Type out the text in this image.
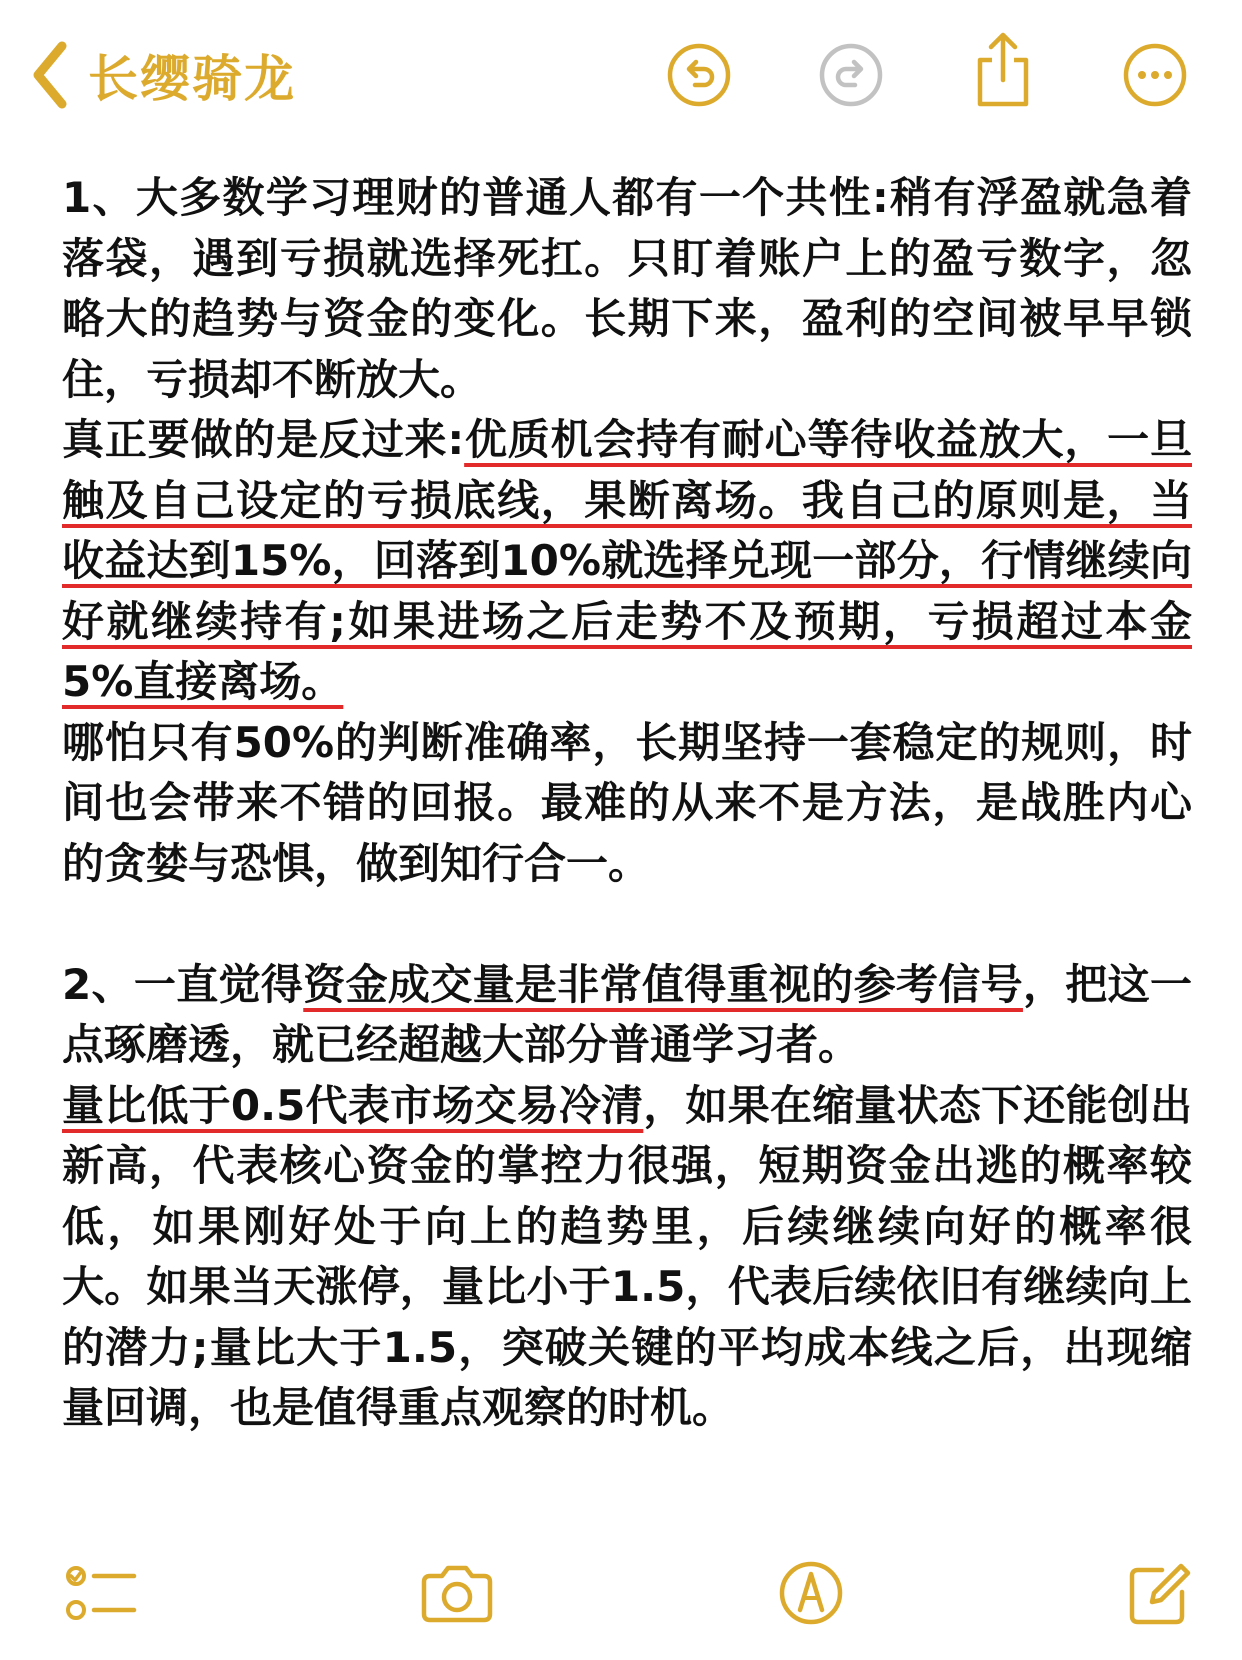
长缨骑龙

1、大多数学习理财的普通人都有一个共性:稍有浮盈就急着落袋，遇到亏损就选择死扛。只盯着账户上的盈亏数字，忽略大的趋势与资金的变化。长期下来，盈利的空间被早早锁住，亏损却不断放大。

真正要做的是反过来:优质机会持有耐心等待收益放大，一旦触及自己设定的亏损底线，果断离场。我自己的原则是，当收益达到15%，回落到10%就选择兑现一部分，行情继续向好就继续持有;如果进场之后走势不及预期，亏损超过本金5%直接离场。

哪怕只有50%的判断准确率，长期坚持一套稳定的规则，时间也会带来不错的回报。最难的从来不是方法，是战胜内心的贪婪与恐惧，做到知行合一。

2、一直觉得资金成交量是非常值得重视的参考信号，把这一点琢磨透，就已经超越大部分普通学习者。

量比低于0.5代表市场交易冷清，如果在缩量状态下还能创出新高，代表核心资金的掌控力很强，短期资金出逃的概率较低，如果刚好处于向上的趋势里，后续继续向好的概率很大。如果当天涨停，量比小于1.5，代表后续依旧有继续向上的潜力;量比大于1.5，突破关键的平均成本线之后，出现缩量回调，也是值得重点观察的时机。
